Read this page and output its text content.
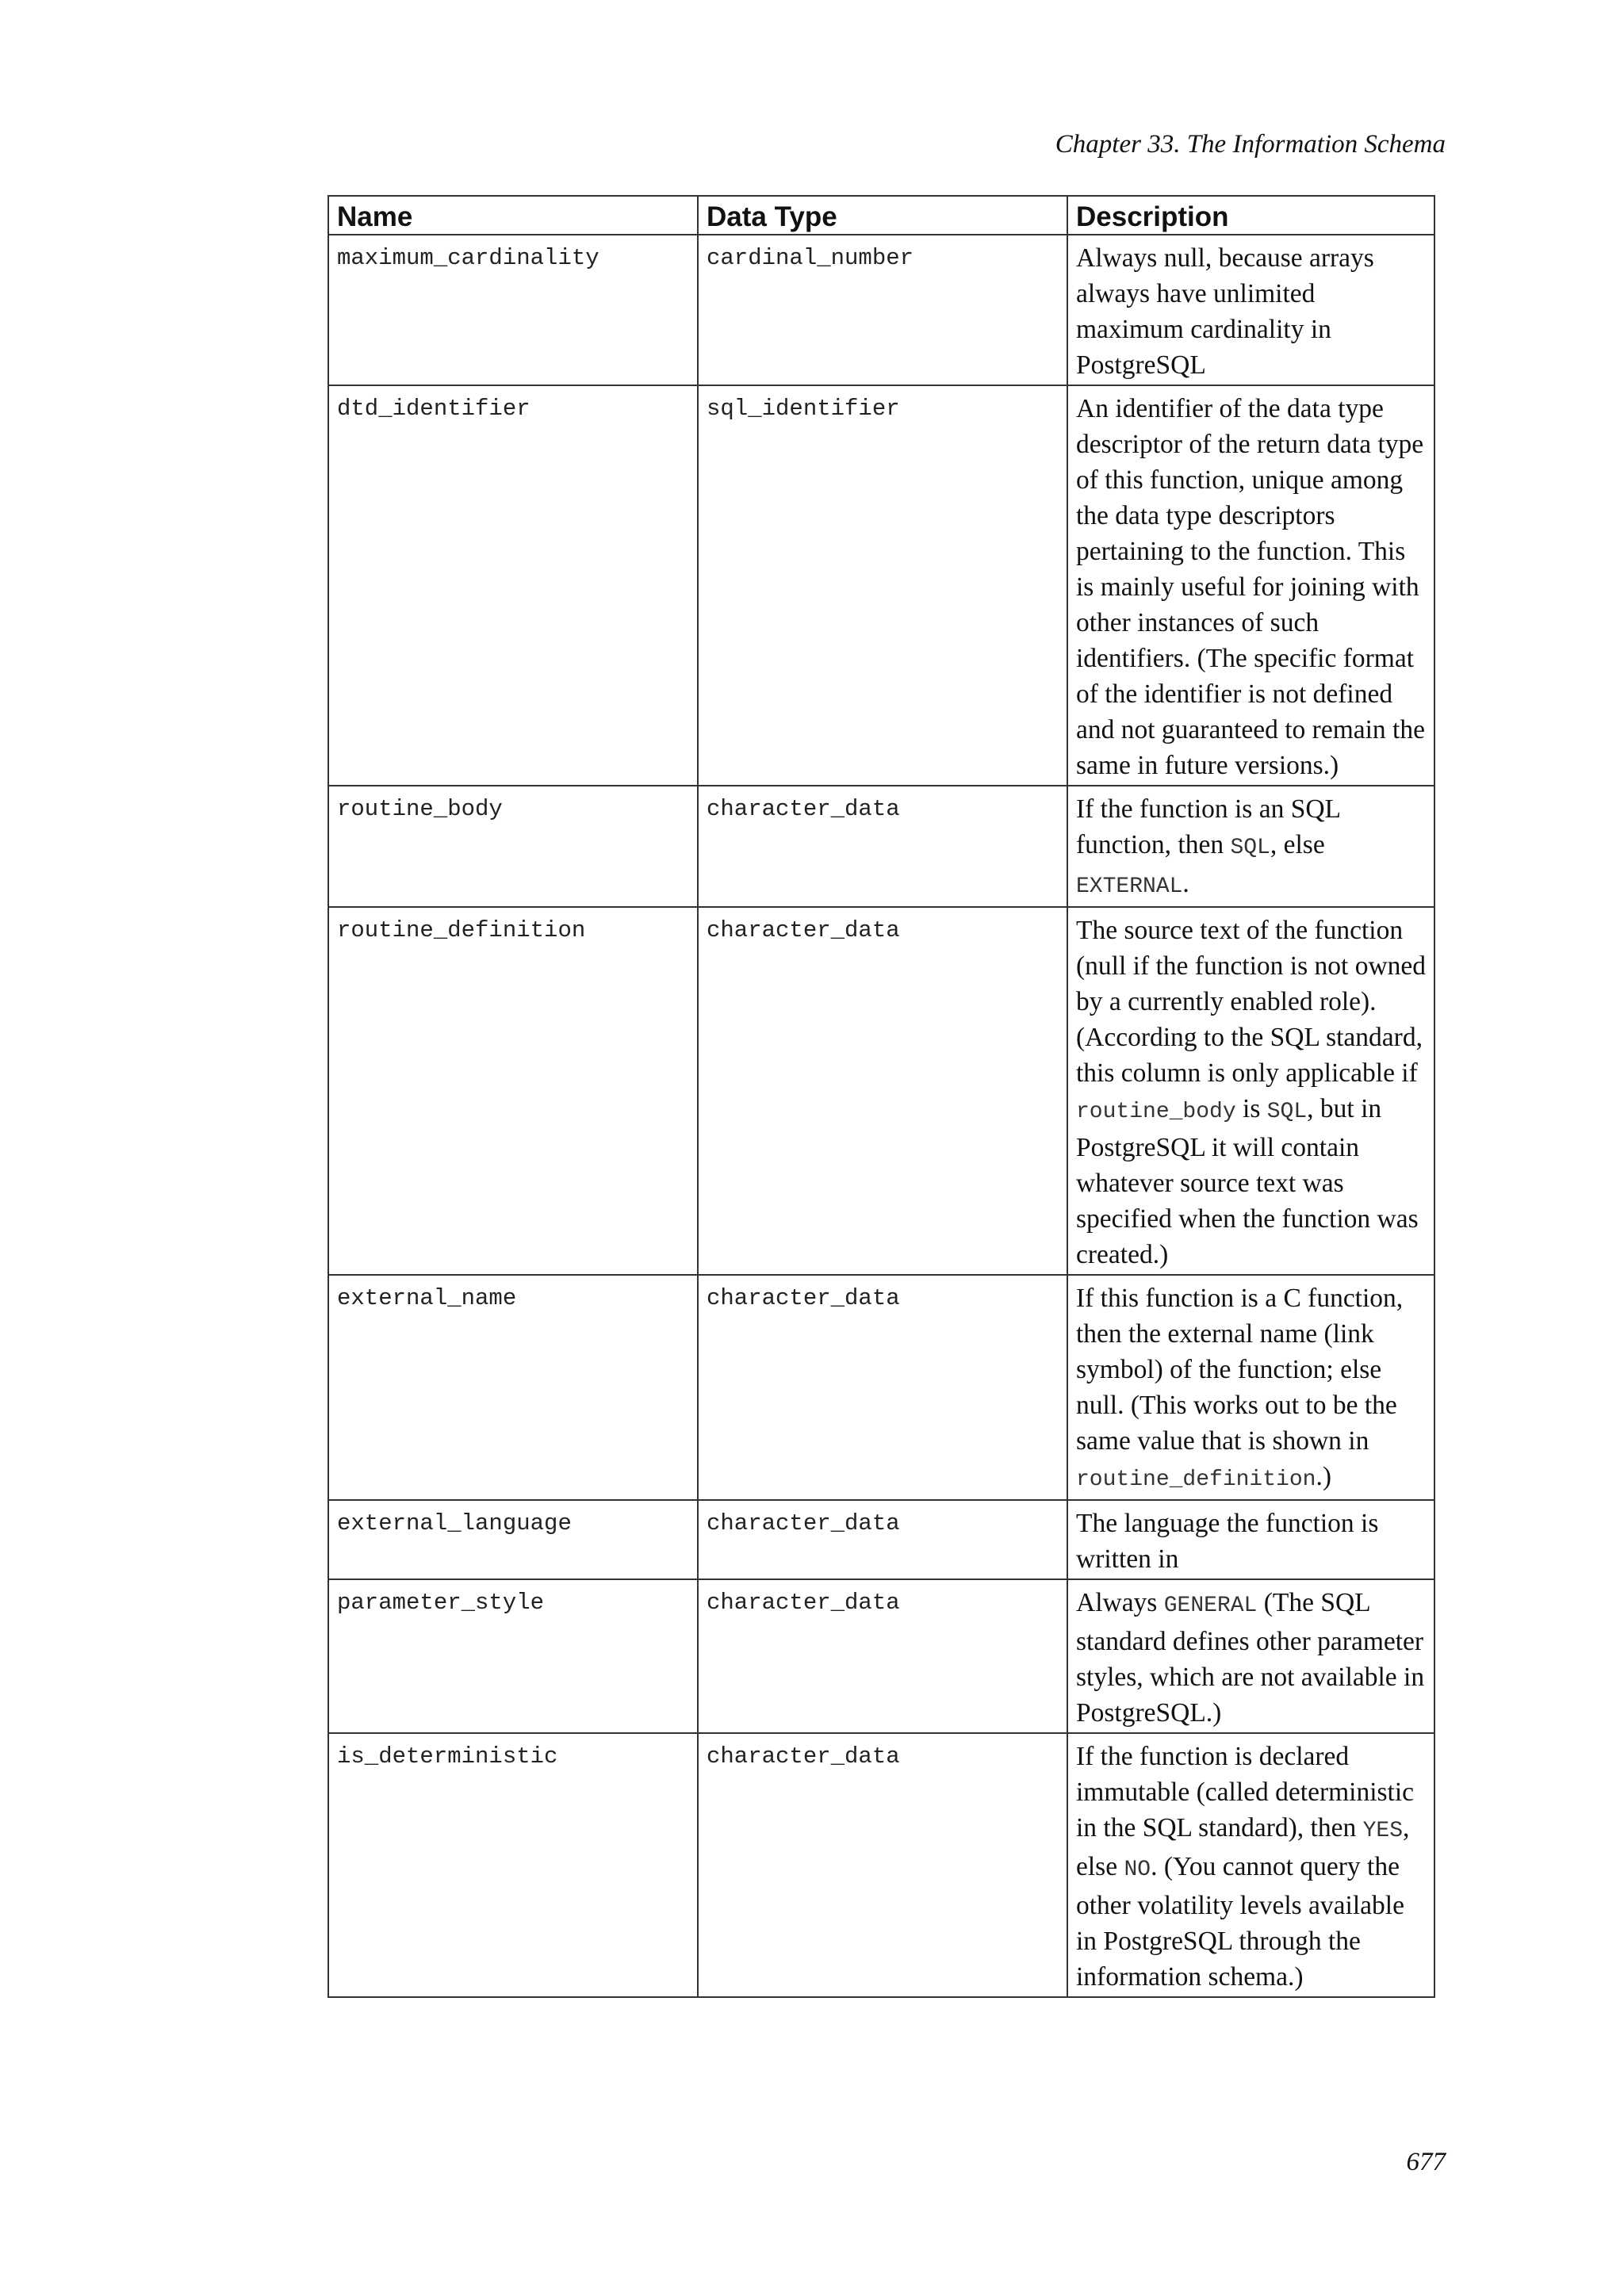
Chapter 33. The Information Schema
Name	Data Type	Description
maximum_cardinality	cardinal_number	Always null, because arrays always have unlimited maximum cardinality in PostgreSQL
dtd_identifier	sql_identifier	An identifier of the data type descriptor of the return data type of this function, unique among the data type descriptors pertaining to the function. This is mainly useful for joining with other instances of such identifiers. (The specific format of the identifier is not defined and not guaranteed to remain the same in future versions.)
routine_body	character_data	If the function is an SQL function, then SQL, else EXTERNAL.
routine_definition	character_data	The source text of the function (null if the function is not owned by a currently enabled role). (According to the SQL standard, this column is only applicable if routine_body is SQL, but in PostgreSQL it will contain whatever source text was specified when the function was created.)
external_name	character_data	If this function is a C function, then the external name (link symbol) of the function; else null. (This works out to be the same value that is shown in routine_definition.)
external_language	character_data	The language the function is written in
parameter_style	character_data	Always GENERAL (The SQL standard defines other parameter styles, which are not available in PostgreSQL.)
is_deterministic	character_data	If the function is declared immutable (called deterministic in the SQL standard), then YES, else NO. (You cannot query the other volatility levels available in PostgreSQL through the information schema.)
677
